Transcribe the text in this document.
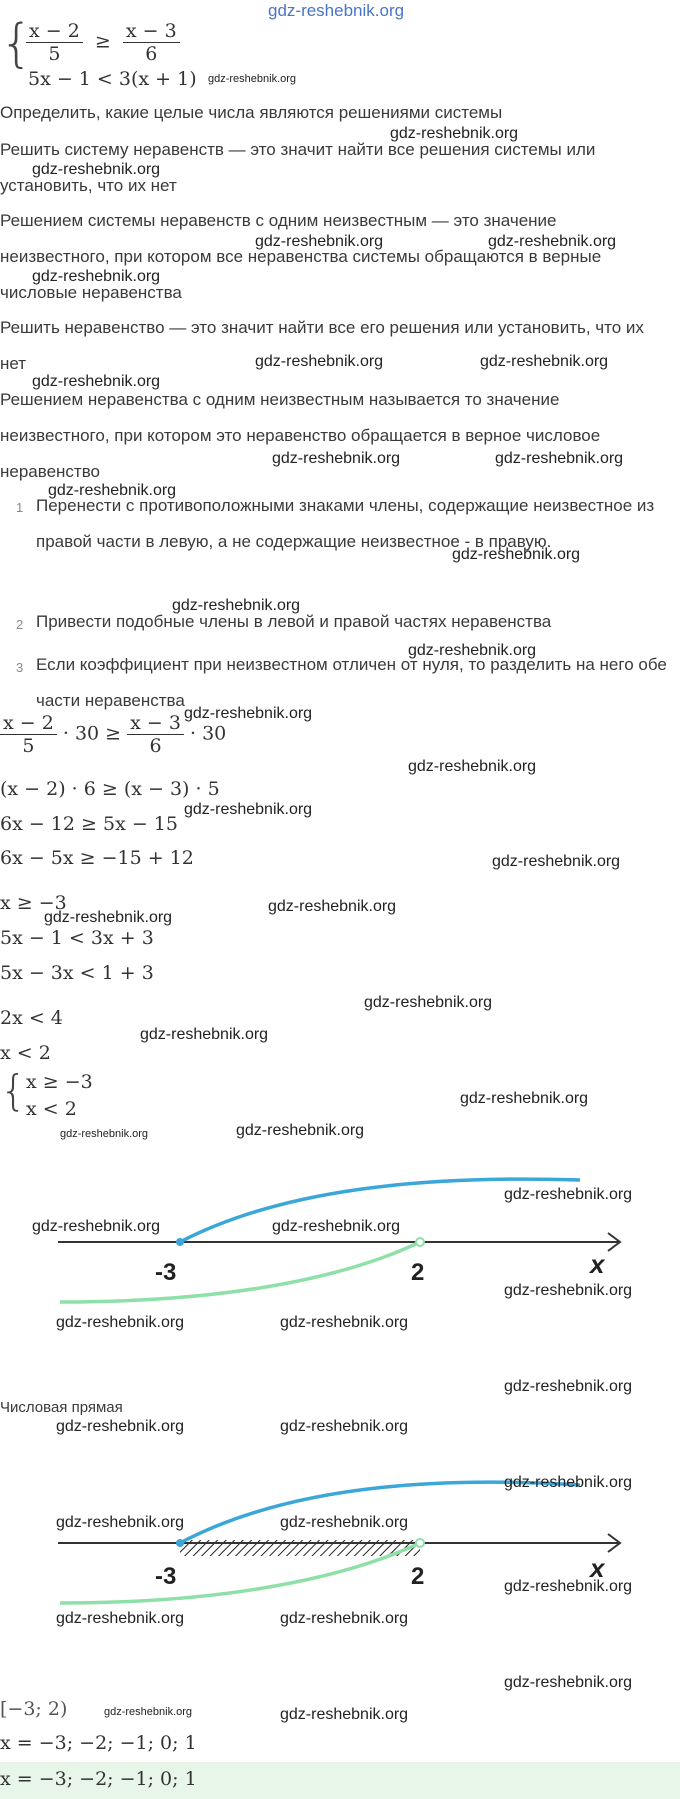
gdz-reshebnik.org
{
$\frac{x - 2}{5} \ge \frac{x - 3}{6}$
5x − 1 < 3(x + 1) gdz-reshebnik.org
Определить, какие целые числа являются решениями системы
Решить систему неравенств — это значит найти все решения системы или установить, что их нет
Решением системы неравенств с одним неизвестным — это значение неизвестного, при котором все неравенства системы обращаются в верные числовые неравенства
Решить неравенство — это значит найти все его решения или установить, что их нет
Решением неравенства с одним неизвестным называется то значение неизвестного, при котором это неравенство обращается в верное числовое неравенство
1 Перенести с противоположными знаками члены, содержащие неизвестное из правой части в левую, а не содержащие неизвестное - в правую.
2 Привести подобные члены в левой и правой частях неравенства
3 Если коэффициент при неизвестном отличен от нуля, то разделить на него обе части неравенства
$\frac{x - 2}{5} \cdot 30 \ge \frac{x - 3}{6} \cdot 30$
(x − 2) · 6 ≥ (x − 3) · 5
6x − 12 ≥ 5x − 15
6x − 5x ≥ −15 + 12
x ≥ −3
5x − 1 < 3x + 3
5x − 3x < 1 + 3
2x < 4
x < 2
{ x ≥ −3
x < 2
-3	2	x
Числовая прямая
-3	2	x
[−3; 2)
x = −3; −2; −1; 0; 1
x = −3; −2; −1; 0; 1
gdz-reshebnik.org
gdz-reshebnik.org
gdz-reshebnik.org	gdz-reshebnik.org
gdz-reshebnik.org
gdz-reshebnik.org	gdz-reshebnik.org
gdz-reshebnik.org
gdz-reshebnik.org	gdz-reshebnik.org
gdz-reshebnik.org
gdz-reshebnik.org
gdz-reshebnik.org
gdz-reshebnik.org
gdz-reshebnik.org
gdz-reshebnik.org
gdz-reshebnik.org
gdz-reshebnik.org
gdz-reshebnik.org
gdz-reshebnik.org
gdz-reshebnik.org
gdz-reshebnik.org
gdz-reshebnik.org
gdz-reshebnik.org	gdz-reshebnik.org
gdz-reshebnik.org
gdz-reshebnik.org	gdz-reshebnik.org
gdz-reshebnik.org
gdz-reshebnik.org	gdz-reshebnik.org
gdz-reshebnik.org
gdz-reshebnik.org	gdz-reshebnik.org
gdz-reshebnik.org
gdz-reshebnik.org	gdz-reshebnik.org
gdz-reshebnik.org
gdz-reshebnik.org	gdz-reshebnik.org
gdz-reshebnik.org
gdz-reshebnik.org	gdz-reshebnik.org
